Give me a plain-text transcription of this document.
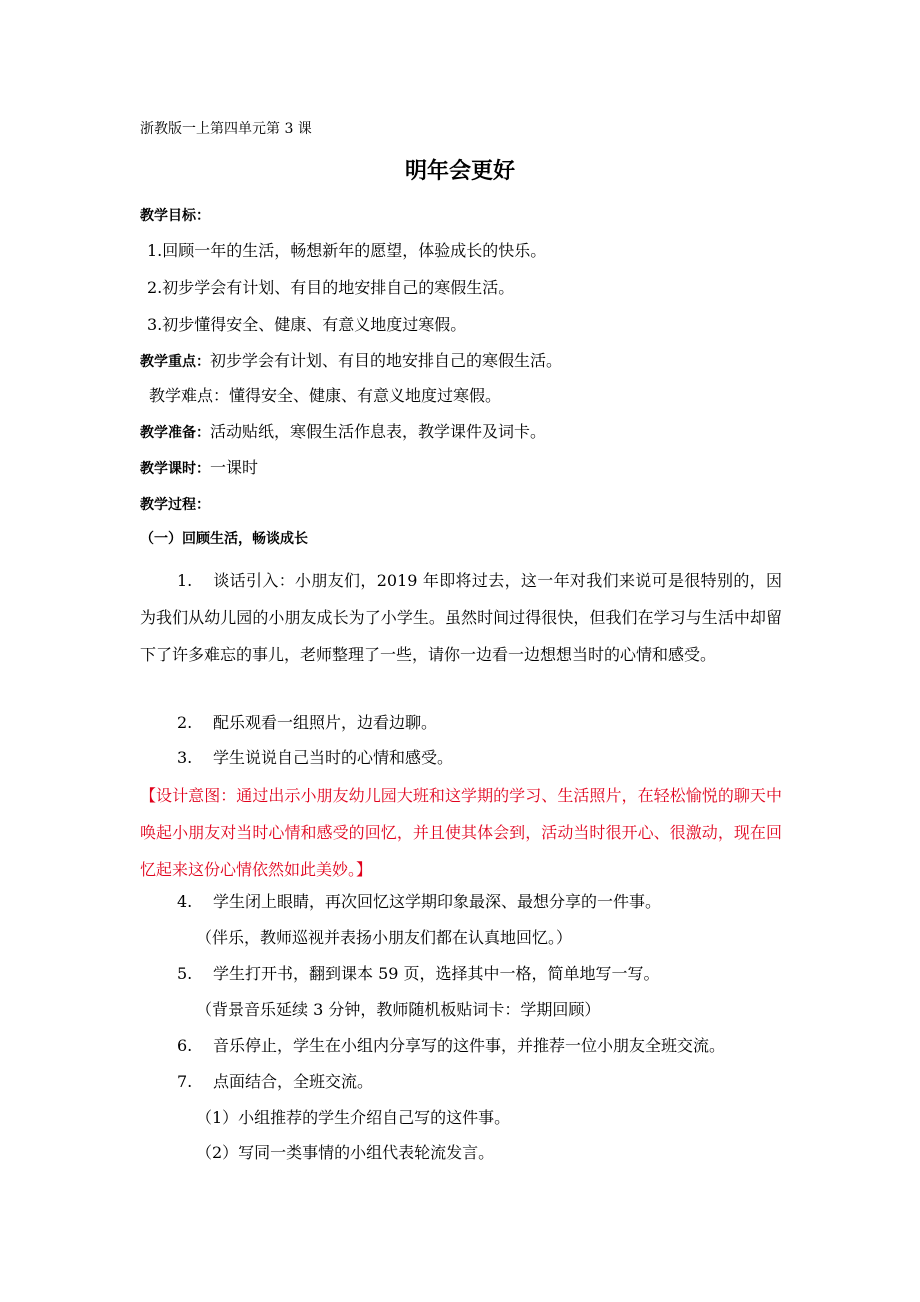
浙教版一上第四单元第 3 课
明年会更好
教学目标：
1.回顾一年的生活，畅想新年的愿望，体验成长的快乐。
2.初步学会有计划、有目的地安排自己的寒假生活。
3.初步懂得安全、健康、有意义地度过寒假。
教学重点：初步学会有计划、有目的地安排自己的寒假生活。
教学难点：懂得安全、健康、有意义地度过寒假。
教学准备：活动贴纸，寒假生活作息表，教学课件及词卡。
教学课时：一课时
教学过程：
（一）回顾生活，畅谈成长
1. 谈话引入：小朋友们，2019 年即将过去，这一年对我们来说可是很特别的，因为我们从幼儿园的小朋友成长为了小学生。虽然时间过得很快，但我们在学习与生活中却留下了许多难忘的事儿，老师整理了一些，请你一边看一边想想当时的心情和感受。
2. 配乐观看一组照片，边看边聊。
3. 学生说说自己当时的心情和感受。
【设计意图：通过出示小朋友幼儿园大班和这学期的学习、生活照片，在轻松愉悦的聊天中唤起小朋友对当时心情和感受的回忆，并且使其体会到，活动当时很开心、很激动，现在回忆起来这份心情依然如此美妙。】
4. 学生闭上眼睛，再次回忆这学期印象最深、最想分享的一件事。
（伴乐，教师巡视并表扬小朋友们都在认真地回忆。）
5. 学生打开书，翻到课本 59 页，选择其中一格，简单地写一写。
（背景音乐延续 3 分钟，教师随机板贴词卡：学期回顾）
6. 音乐停止，学生在小组内分享写的这件事，并推荐一位小朋友全班交流。
7. 点面结合，全班交流。
（1）小组推荐的学生介绍自己写的这件事。
（2）写同一类事情的小组代表轮流发言。
